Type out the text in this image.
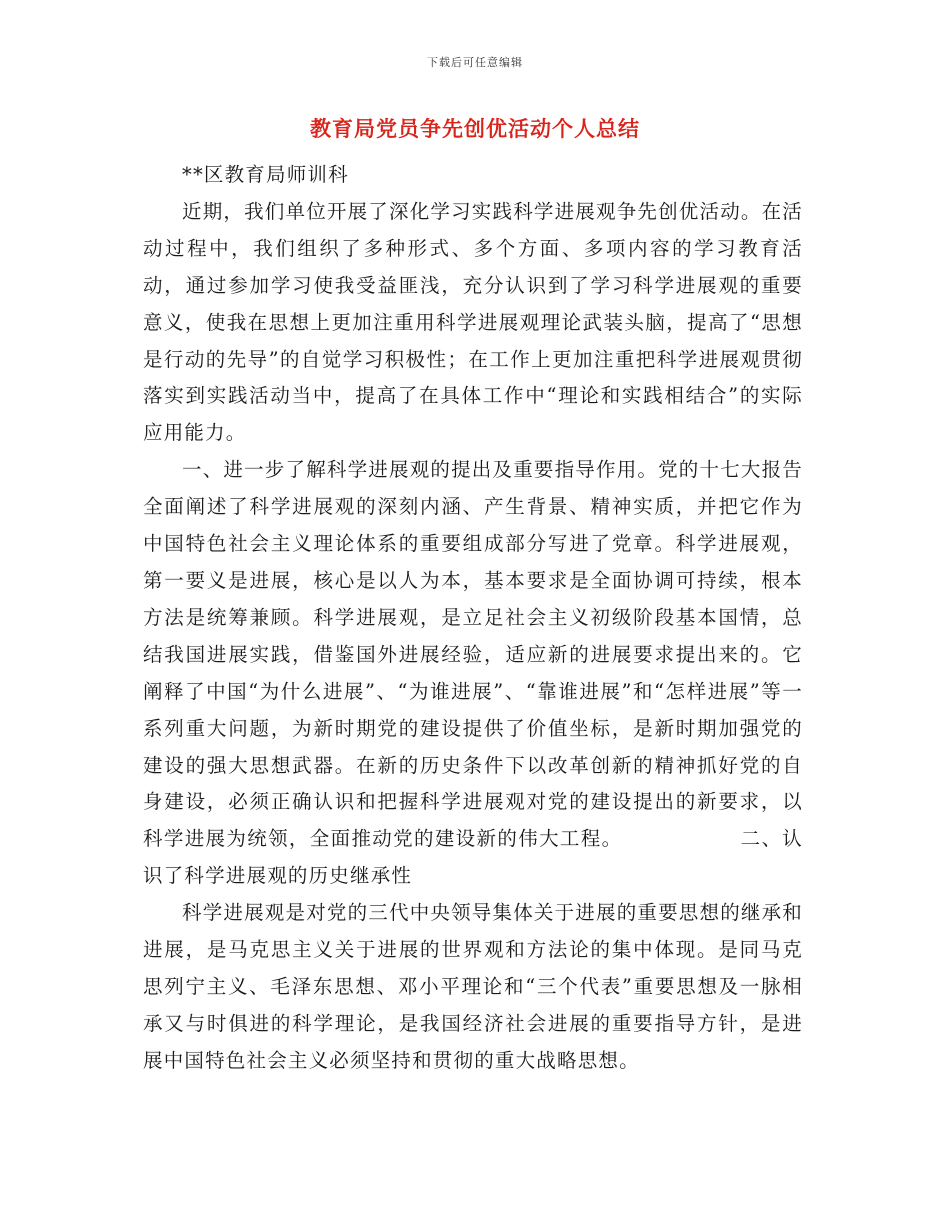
下载后可任意编辑
教育局党员争先创优活动个人总结

**区教育局师训科

近期，我们单位开展了深化学习实践科学进展观争先创优活动。在活动过程中，我们组织了多种形式、多个方面、多项内容的学习教育活动，通过参加学习使我受益匪浅，充分认识到了学习科学进展观的重要意义，使我在思想上更加注重用科学进展观理论武装头脑，提高了“思想是行动的先导”的自觉学习积极性；在工作上更加注重把科学进展观贯彻落实到实践活动当中，提高了在具体工作中“理论和实践相结合”的实际应用能力。

一、进一步了解科学进展观的提出及重要指导作用。党的十七大报告全面阐述了科学进展观的深刻内涵、产生背景、精神实质，并把它作为中国特色社会主义理论体系的重要组成部分写进了党章。科学进展观，第一要义是进展，核心是以人为本，基本要求是全面协调可持续，根本方法是统筹兼顾。科学进展观，是立足社会主义初级阶段基本国情，总结我国进展实践，借鉴国外进展经验，适应新的进展要求提出来的。它阐释了中国“为什么进展”、“为谁进展”、“靠谁进展”和“怎样进展”等一系列重大问题，为新时期党的建设提供了价值坐标，是新时期加强党的建设的强大思想武器。在新的历史条件下以改革创新的精神抓好党的自身建设，必须正确认识和把握科学进展观对党的建设提出的新要求，以科学进展为统领，全面推动党的建设新的伟大工程。	二、认识了科学进展观的历史继承性

科学进展观是对党的三代中央领导集体关于进展的重要思想的继承和进展，是马克思主义关于进展的世界观和方法论的集中体现。是同马克思列宁主义、毛泽东思想、邓小平理论和“三个代表”重要思想及一脉相承又与时俱进的科学理论，是我国经济社会进展的重要指导方针，是进展中国特色社会主义必须坚持和贯彻的重大战略思想。
